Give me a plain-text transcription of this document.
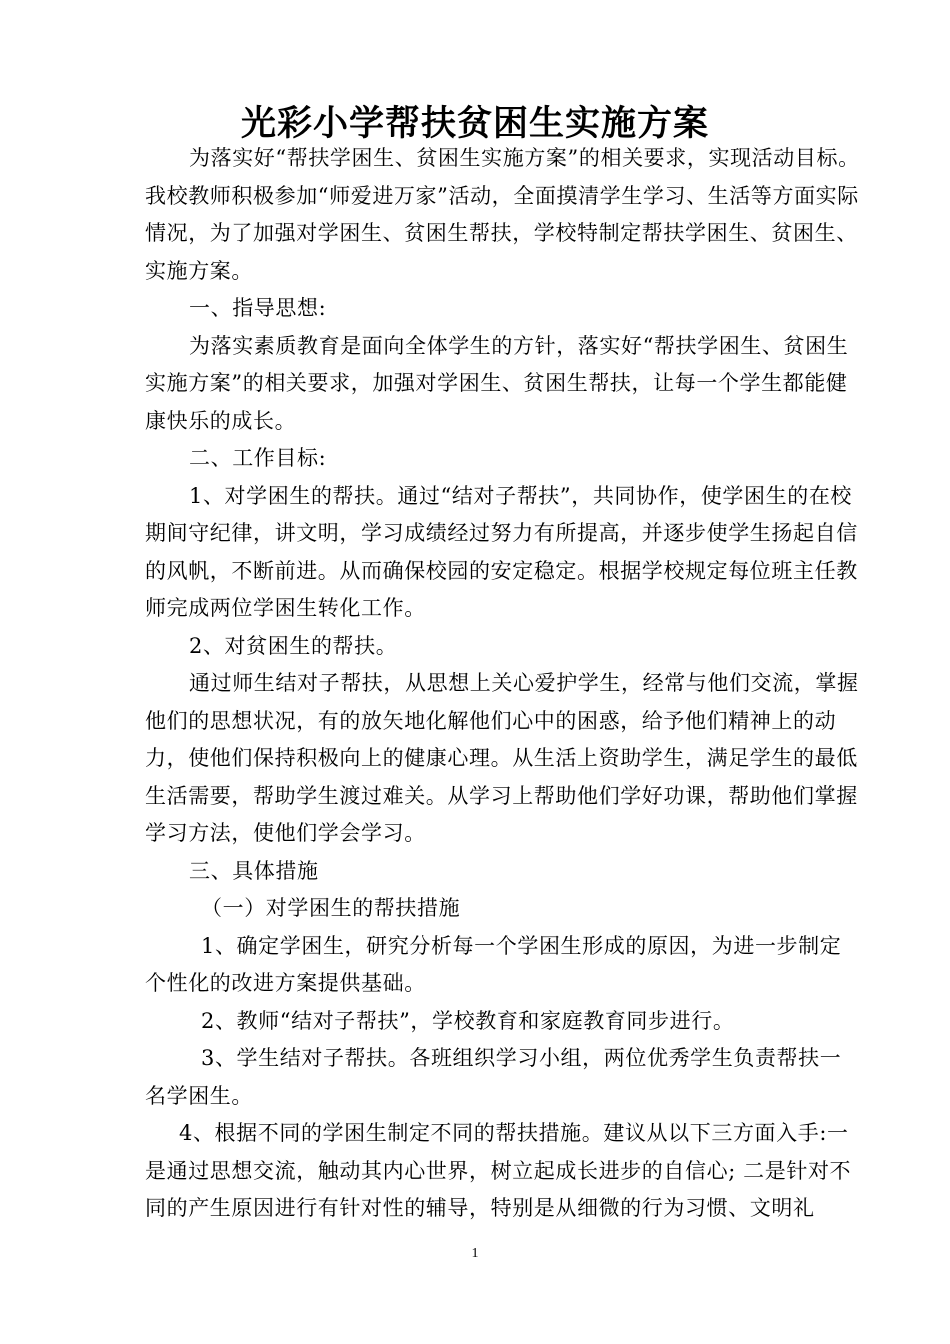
光彩小学帮扶贫困生实施方案

为落实好“帮扶学困生、贫困生实施方案”的相关要求，实现活动目标。我校教师积极参加“师爱进万家”活动，全面摸清学生学习、生活等方面实际情况，为了加强对学困生、贫困生帮扶，学校特制定帮扶学困生、贫困生、实施方案。

一、指导思想:

为落实素质教育是面向全体学生的方针，落实好“帮扶学困生、贫困生实施方案”的相关要求，加强对学困生、贫困生帮扶，让每一个学生都能健康快乐的成长。

二、工作目标:

1、对学困生的帮扶。通过“结对子帮扶”，共同协作，使学困生的在校期间守纪律，讲文明，学习成绩经过努力有所提高，并逐步使学生扬起自信的风帆，不断前进。从而确保校园的安定稳定。根据学校规定每位班主任教师完成两位学困生转化工作。

2、对贫困生的帮扶。

通过师生结对子帮扶，从思想上关心爱护学生，经常与他们交流，掌握他们的思想状况，有的放矢地化解他们心中的困惑，给予他们精神上的动力，使他们保持积极向上的健康心理。从生活上资助学生，满足学生的最低生活需要，帮助学生渡过难关。从学习上帮助他们学好功课，帮助他们掌握学习方法，使他们学会学习。

三、具体措施

（一）对学困生的帮扶措施

1、确定学困生，研究分析每一个学困生形成的原因，为进一步制定个性化的改进方案提供基础。

2、教师“结对子帮扶”，学校教育和家庭教育同步进行。

3、学生结对子帮扶。各班组织学习小组，两位优秀学生负责帮扶一名学困生。

4、根据不同的学困生制定不同的帮扶措施。建议从以下三方面入手:一是通过思想交流，触动其内心世界，树立起成长进步的自信心; 二是针对不同的产生原因进行有针对性的辅导，特别是从细微的行为习惯、文明礼

1
